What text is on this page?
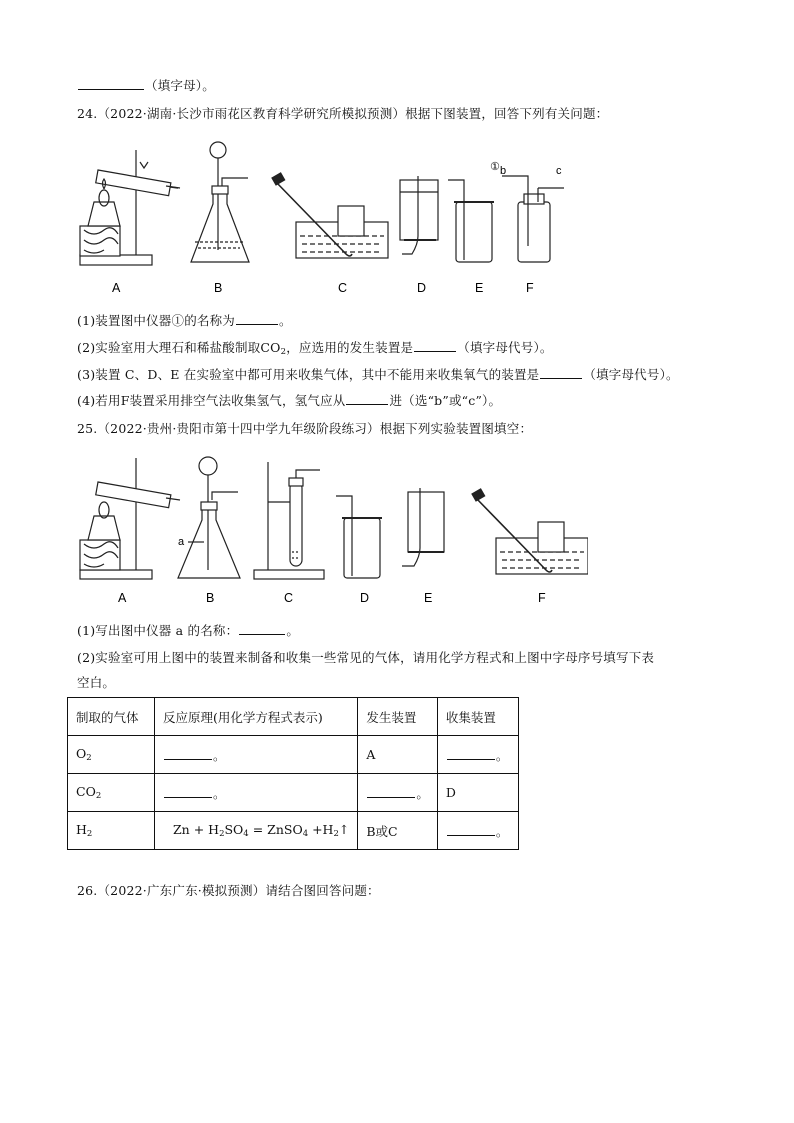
（填字母）。
24.（2022·湖南·长沙市雨花区教育科学研究所模拟预测）根据下图装置，回答下列有关问题：
① b	c
A	B	C	D	E	F
(1)装置图中仪器①的名称为	。
(2)实验室用大理石和稀盐酸制取$CO_2$，应选用的发生装置是	（填字母代号）。
(3)装置 C、D、E 在实验室中都可用来收集气体，其中不能用来收集氧气的装置是	（填字母代号）。
(4)若用F装置采用排空气法收集氢气，氢气应从	进（选“b”或“c”）。
25.（2022·贵州·贵阳市第十四中学九年级阶段练习）根据下列实验装置图填空：
a
A	B	C	D	E	F
(1)写出图中仪器 a 的名称：	。
(2)实验室可用上图中的装置来制备和收集一些常见的气体，请用化学方程式和上图中字母序号填写下表
空白。
制取的气体	反应原理(用化学方程式表示)	发生装置	收集装置
$O_2$	。	A	。
$CO_2$	。	。	D
$H_2$	$Zn + H_2SO_4$ = ZnSO$_4$ $+H_2↑$	B或C	。
26.（2022·广东广东·模拟预测）请结合图回答问题：
